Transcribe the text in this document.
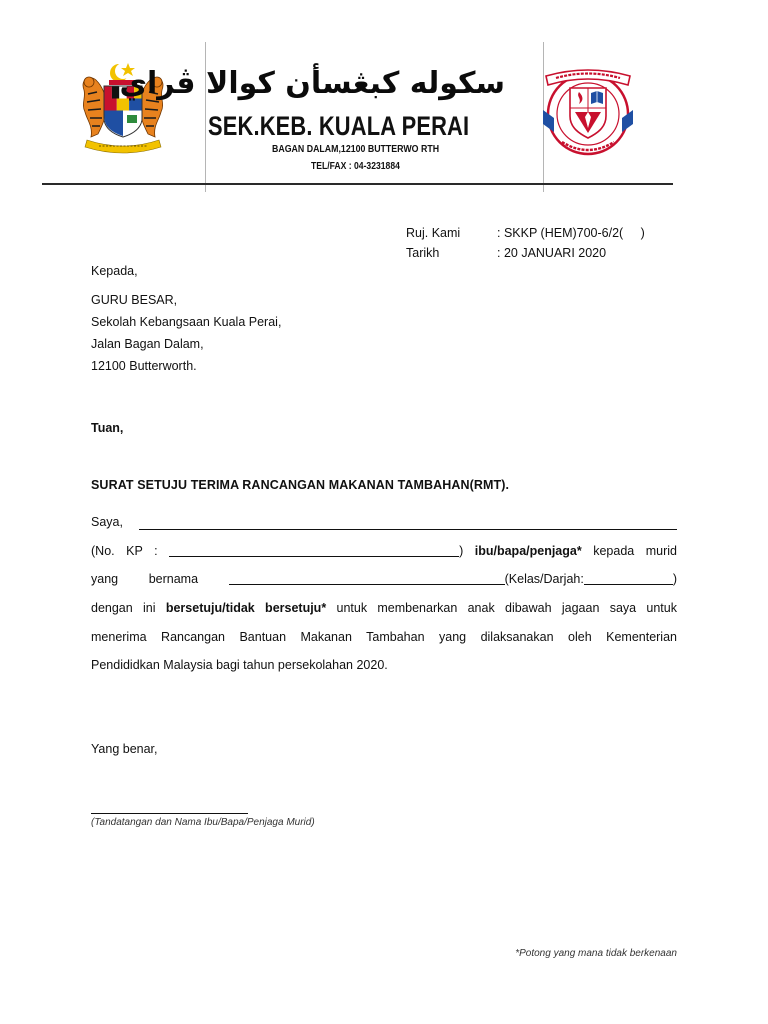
سكوله كبڠسأن كوالا ڤراي
SEK.KEB. KUALA PERAI
BAGAN DALAM,12100 BUTTERWO RTH
TEL/FAX : 04-3231884
Ruj. Kami	: SKKP (HEM)700-6/2(     )
Tarikh	: 20 JANUARI 2020
Kepada,
GURU BESAR,
Sekolah Kebangsaan Kuala Perai,
Jalan Bagan Dalam,
12100 Butterworth.
Tuan,
SURAT SETUJU TERIMA RANCANGAN MAKANAN TAMBAHAN(RMT).
Saya,
(No. KP :	) ibu/bapa/penjaga* kepada murid
yang bernama	(Kelas/Darjah:	)
dengan ini bersetuju/tidak bersetuju* untuk membenarkan anak dibawah jagaan saya untuk
menerima Rancangan Bantuan Makanan Tambahan yang dilaksanakan oleh Kementerian
Pendididkan Malaysia bagi tahun persekolahan 2020.
Yang benar,
(Tandatangan dan Nama Ibu/Bapa/Penjaga Murid)
*Potong yang mana tidak berkenaan
